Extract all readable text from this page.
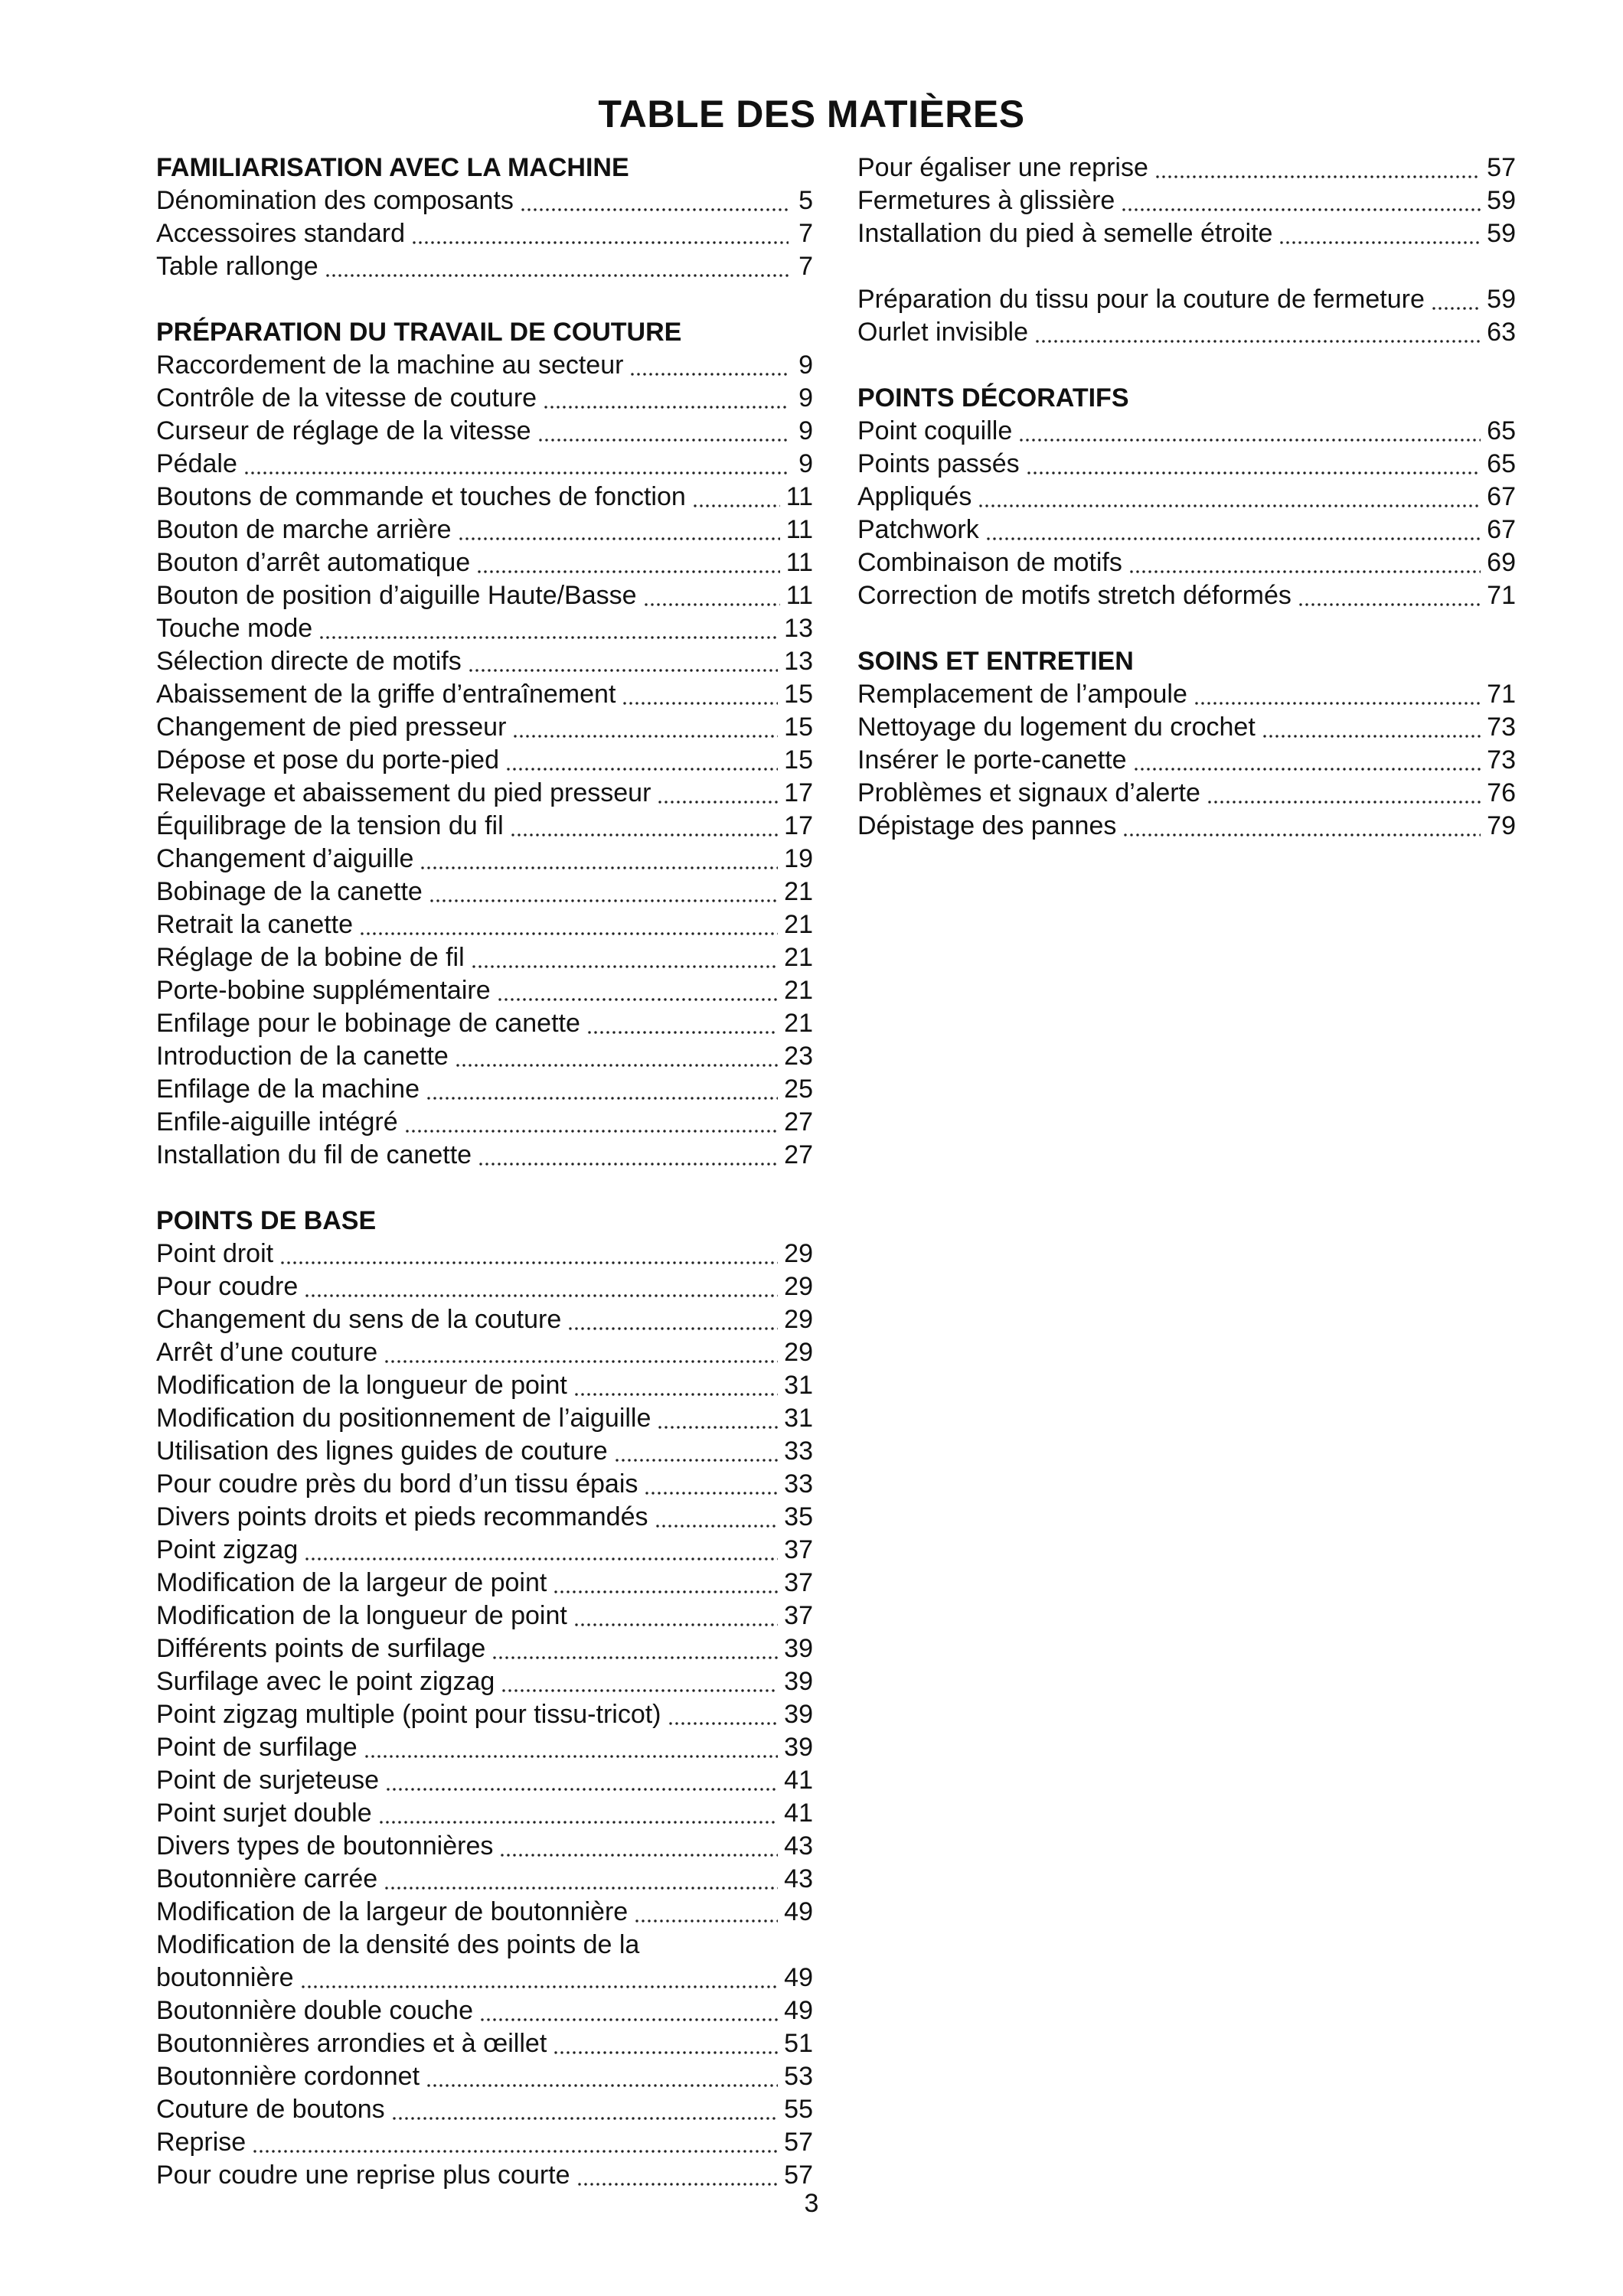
TABLE DES MATIÈRES
FAMILIARISATION AVEC LA MACHINE
Dénomination des composants	5
Accessoires standard	7
Table rallonge	7
PRÉPARATION DU TRAVAIL DE COUTURE
Raccordement de la machine au secteur	9
Contrôle de la vitesse de couture	9
Curseur de réglage de la vitesse	9
Pédale	9
Boutons de commande et touches de fonction	11
Bouton de marche arrière	11
Bouton d’arrêt automatique	11
Bouton de position d’aiguille Haute/Basse	11
Touche mode	13
Sélection directe de motifs	13
Abaissement de la griffe d’entraînement	15
Changement de pied presseur	15
Dépose et pose du porte-pied	15
Relevage et abaissement du pied presseur	17
Équilibrage de la tension du fil	17
Changement d’aiguille	19
Bobinage de la canette	21
Retrait la canette	21
Réglage de la bobine de fil	21
Porte-bobine supplémentaire	21
Enfilage pour le bobinage de canette	21
Introduction de la canette	23
Enfilage de la machine	25
Enfile-aiguille intégré	27
Installation du fil de canette	27
POINTS DE BASE
Point droit	29
Pour coudre	29
Changement du sens de la couture	29
Arrêt d’une couture	29
Modification de la longueur de point	31
Modification du positionnement de l’aiguille	31
Utilisation des lignes guides de couture	33
Pour coudre près du bord d’un tissu épais	33
Divers points droits et pieds recommandés	35
Point zigzag	37
Modification de la largeur de point	37
Modification de la longueur de point	37
Différents points de surfilage	39
Surfilage avec le point zigzag	39
Point zigzag multiple (point pour tissu-tricot)	39
Point de surfilage	39
Point de surjeteuse	41
Point surjet double	41
Divers types de boutonnières	43
Boutonnière carrée	43
Modification de la largeur de boutonnière	49
Modification de la densité des points de la
boutonnière	49
Boutonnière double couche	49
Boutonnières arrondies et à œillet	51
Boutonnière cordonnet	53
Couture de boutons	55
Reprise	57
Pour coudre une reprise plus courte	57
Pour égaliser une reprise	57
Fermetures à glissière	59
Installation du pied à semelle étroite	59
Préparation du tissu pour la couture de fermeture 59
Ourlet invisible	63
POINTS DÉCORATIFS
Point coquille	65
Points passés	65
Appliqués	67
Patchwork	67
Combinaison de motifs	69
Correction de motifs stretch déformés	71
SOINS ET ENTRETIEN
Remplacement de l’ampoule	71
Nettoyage du logement du crochet	73
Insérer le porte-canette	73
Problèmes et signaux d’alerte	76
Dépistage des pannes	79
3
